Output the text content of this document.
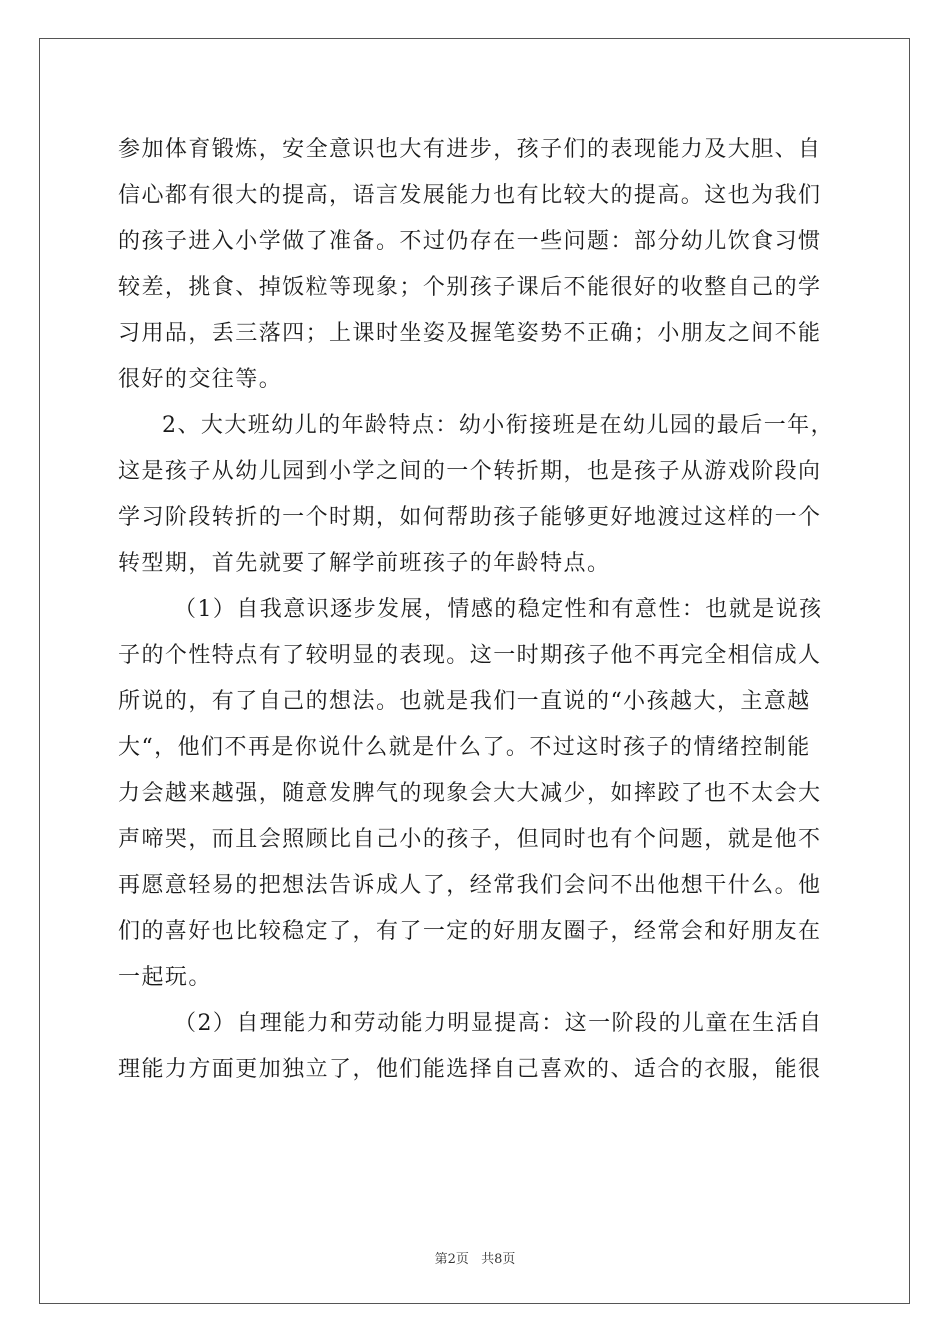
参加体育锻炼，安全意识也大有进步，孩子们的表现能力及大胆、自
信心都有很大的提高，语言发展能力也有比较大的提高。这也为我们
的孩子进入小学做了准备。不过仍存在一些问题：部分幼儿饮食习惯
较差，挑食、掉饭粒等现象；个别孩子课后不能很好的收整自己的学
习用品，丢三落四；上课时坐姿及握笔姿势不正确；小朋友之间不能
很好的交往等。
2、大大班幼儿的年龄特点：幼小衔接班是在幼儿园的最后一年，
这是孩子从幼儿园到小学之间的一个转折期，也是孩子从游戏阶段向
学习阶段转折的一个时期，如何帮助孩子能够更好地渡过这样的一个
转型期，首先就要了解学前班孩子的年龄特点。
（1）自我意识逐步发展，情感的稳定性和有意性：也就是说孩
子的个性特点有了较明显的表现。这一时期孩子他不再完全相信成人
所说的，有了自己的想法。也就是我们一直说的“小孩越大，主意越
大“，他们不再是你说什么就是什么了。不过这时孩子的情绪控制能
力会越来越强，随意发脾气的现象会大大减少，如摔跤了也不太会大
声啼哭，而且会照顾比自己小的孩子，但同时也有个问题，就是他不
再愿意轻易的把想法告诉成人了，经常我们会问不出他想干什么。他
们的喜好也比较稳定了，有了一定的好朋友圈子，经常会和好朋友在
一起玩。
（2）自理能力和劳动能力明显提高：这一阶段的儿童在生活自
理能力方面更加独立了，他们能选择自己喜欢的、适合的衣服，能很
第2页 共8页
